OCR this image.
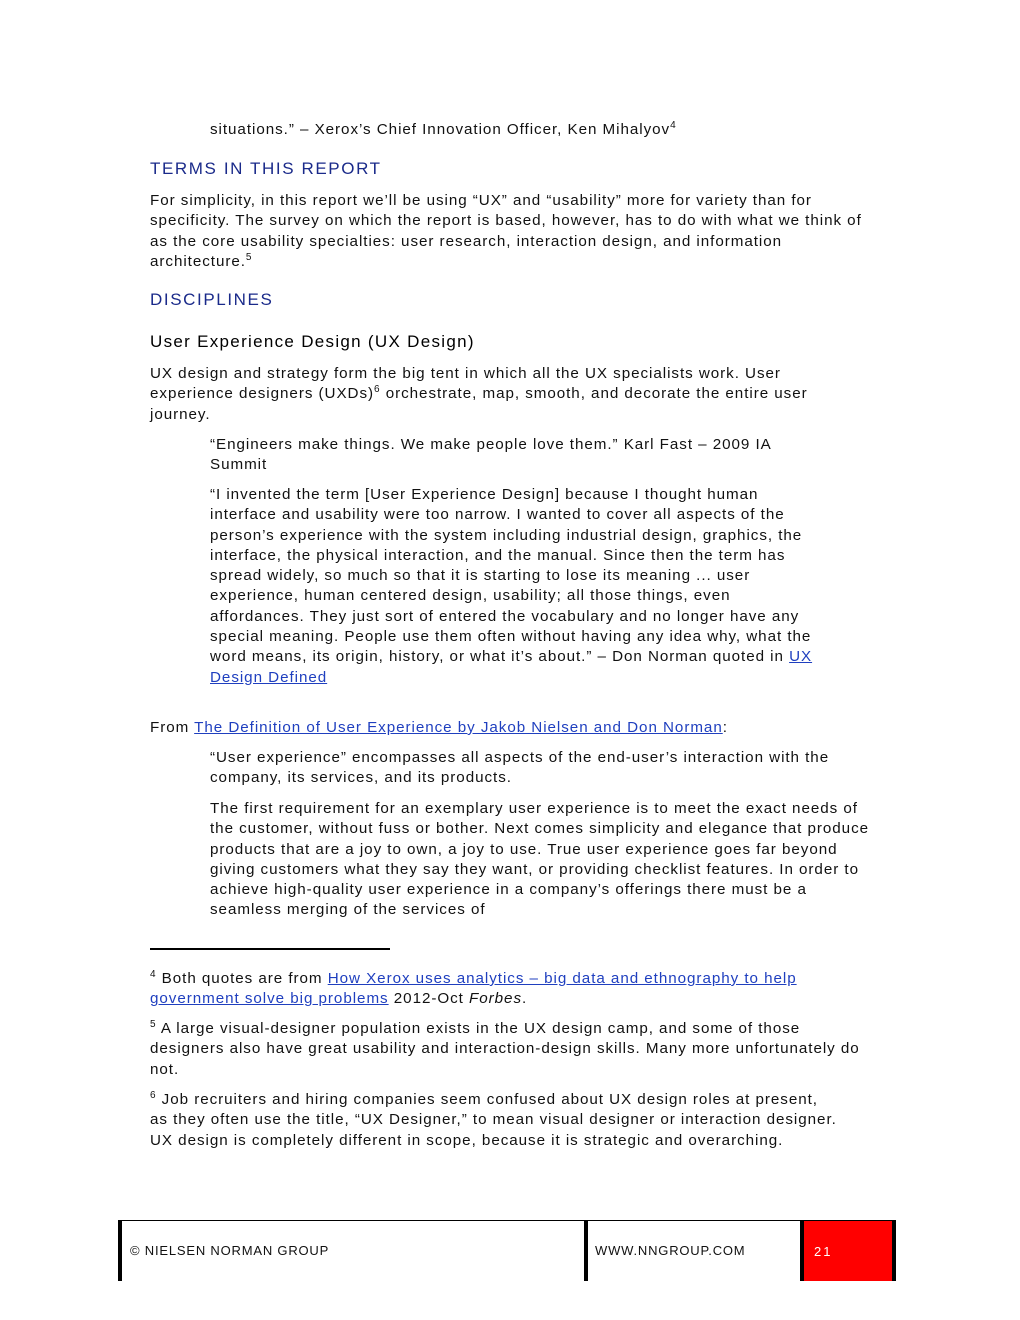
situations.” – Xerox’s Chief Innovation Officer, Ken Mihalyov$^4$

TERMS IN THIS REPORT

For simplicity, in this report we’ll be using “UX” and “usability” more for variety than for specificity. The survey on which the report is based, however, has to do with what we think of as the core usability specialties: user research, interaction design, and information architecture.$^5$

DISCIPLINES
User Experience Design (UX Design)

UX design and strategy form the big tent in which all the UX specialists work. User experience designers (UXDs)$^6$ orchestrate, map, smooth, and decorate the entire user journey.

“Engineers make things. We make people love them.” Karl Fast – 2009 IA Summit

“I invented the term [User Experience Design] because I thought human interface and usability were too narrow. I wanted to cover all aspects of the person’s experience with the system including industrial design, graphics, the interface, the physical interaction, and the manual. Since then the term has spread widely, so much so that it is starting to lose its meaning ... user experience, human centered design, usability; all those things, even affordances. They just sort of entered the vocabulary and no longer have any special meaning. People use them often without having any idea why, what the word means, its origin, history, or what it’s about.” – Don Norman quoted in UX Design Defined

From The Definition of User Experience by Jakob Nielsen and Don Norman:

“User experience” encompasses all aspects of the end-user’s interaction with the company, its services, and its products.

The first requirement for an exemplary user experience is to meet the exact needs of the customer, without fuss or bother. Next comes simplicity and elegance that produce products that are a joy to own, a joy to use. True user experience goes far beyond giving customers what they say they want, or providing checklist features. In order to achieve high-quality user experience in a company’s offerings there must be a seamless merging of the services of

$^4$ Both quotes are from How Xerox uses analytics – big data and ethnography to help government solve big problems 2012-Oct Forbes.

$^5$ A large visual-designer population exists in the UX design camp, and some of those designers also have great usability and interaction-design skills. Many more unfortunately do not.

$^6$ Job recruiters and hiring companies seem confused about UX design roles at present, as they often use the title, “UX Designer,” to mean visual designer or interaction designer. UX design is completely different in scope, because it is strategic and overarching.

© NIELSEN NORMAN GROUP	WWW.NNGROUP.COM	21
